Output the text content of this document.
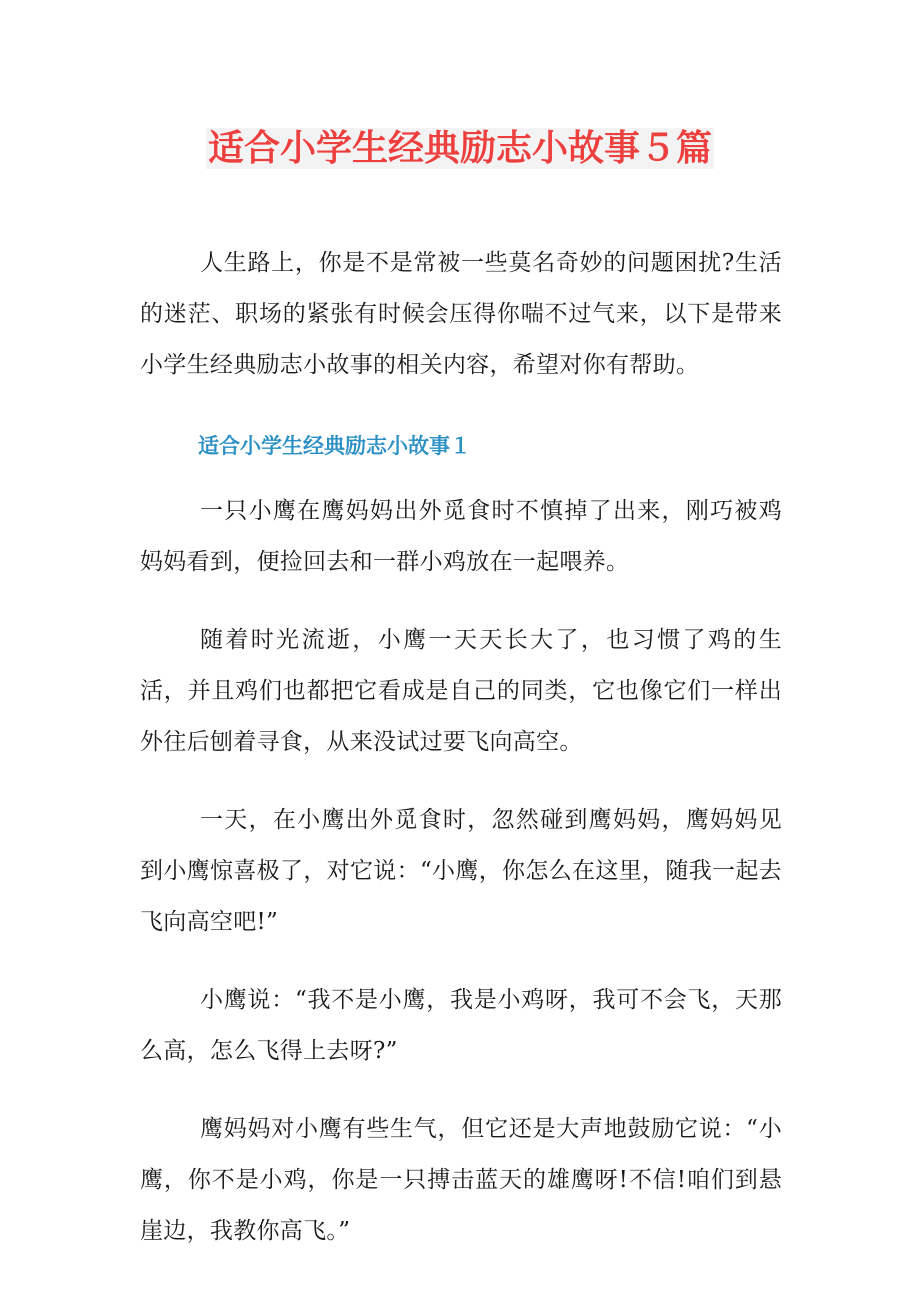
适合小学生经典励志小故事５篇

人生路上，你是不是常被一些莫名奇妙的问题困扰?生活的迷茫、职场的紧张有时候会压得你喘不过气来，以下是带来小学生经典励志小故事的相关内容，希望对你有帮助。

适合小学生经典励志小故事１

一只小鹰在鹰妈妈出外觅食时不慎掉了出来，刚巧被鸡妈妈看到，便捡回去和一群小鸡放在一起喂养。

随着时光流逝，小鹰一天天长大了，也习惯了鸡的生活，并且鸡们也都把它看成是自己的同类，它也像它们一样出外往后刨着寻食，从来没试过要飞向高空。

一天，在小鹰出外觅食时，忽然碰到鹰妈妈，鹰妈妈见到小鹰惊喜极了，对它说：“小鹰，你怎么在这里，随我一起去飞向高空吧!”

小鹰说：“我不是小鹰，我是小鸡呀，我可不会飞，天那么高，怎么飞得上去呀?”

鹰妈妈对小鹰有些生气，但它还是大声地鼓励它说：“小鹰，你不是小鸡，你是一只搏击蓝天的雄鹰呀!不信!咱们到悬崖边，我教你高飞。”
